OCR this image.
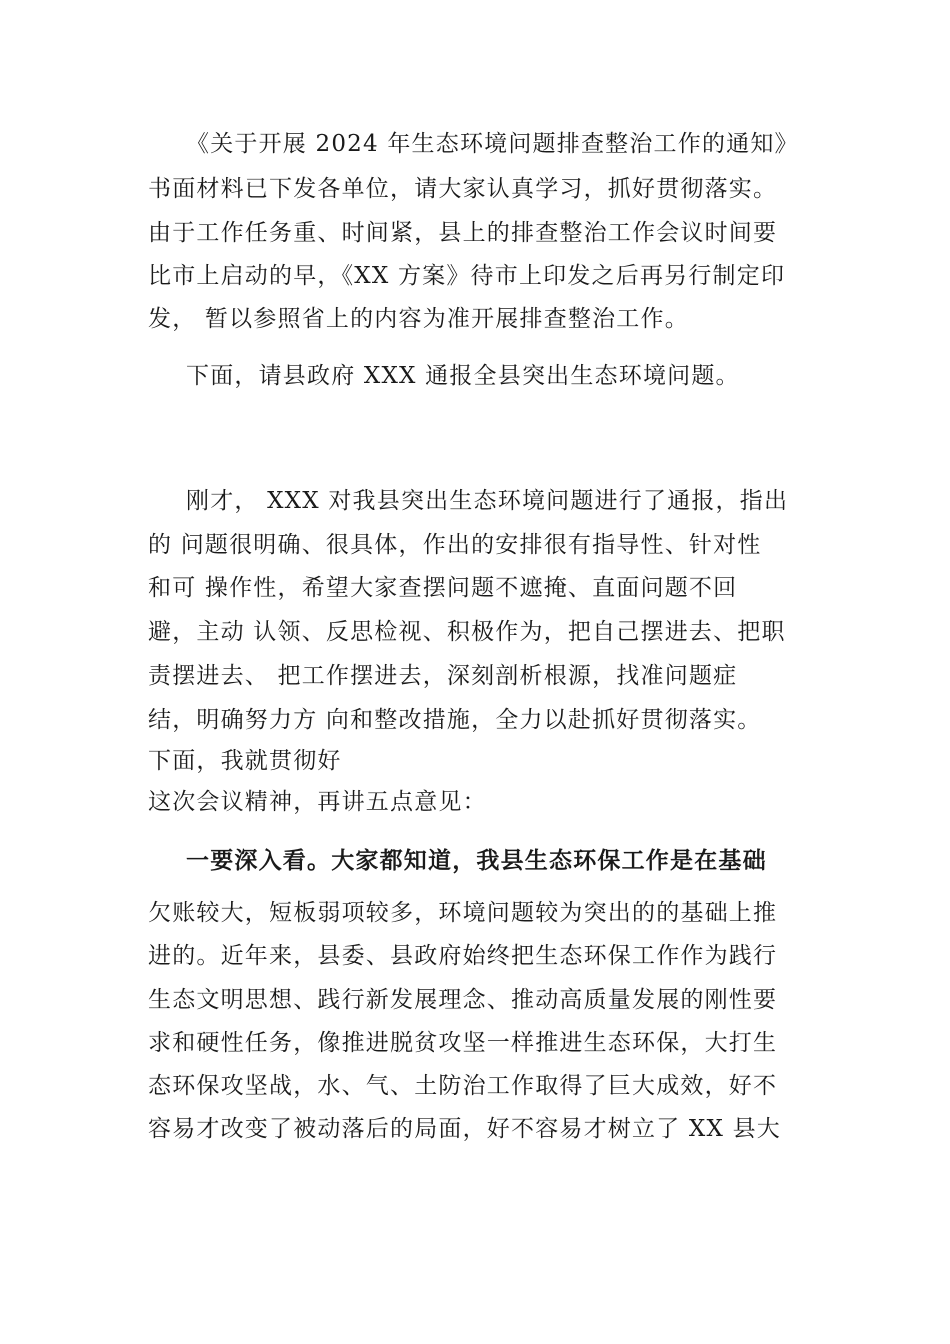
《关于开展 2024 年生态环境问题排查整治工作的通知》
书面材料已下发各单位，请大家认真学习，抓好贯彻落实。
由于工作任务重、时间紧，县上的排查整治工作会议时间要
比市上启动的早，《XX 方案》待市上印发之后再另行制定印
发， 暂以参照省上的内容为准开展排查整治工作。
下面，请县政府 XXX 通报全县突出生态环境问题。
刚才， XXX 对我县突出生态环境问题进行了通报，指出
的 问题很明确、很具体，作出的安排很有指导性、针对性
和可 操作性，希望大家查摆问题不遮掩、直面问题不回
避，主动 认领、反思检视、积极作为，把自己摆进去、把职
责摆进去、 把工作摆进去，深刻剖析根源，找准问题症
结，明确努力方 向和整改措施，全力以赴抓好贯彻落实。
下面，我就贯彻好
这次会议精神，再讲五点意见：
一要深入看。大家都知道，我县生态环保工作是在基础
欠账较大，短板弱项较多，环境问题较为突出的的基础上推
进的。近年来，县委、县政府始终把生态环保工作作为践行
生态文明思想、践行新发展理念、推动高质量发展的刚性要
求和硬性任务，像推进脱贫攻坚一样推进生态环保，大打生
态环保攻坚战，水、气、土防治工作取得了巨大成效，好不
容易才改变了被动落后的局面，好不容易才树立了 XX 县大
